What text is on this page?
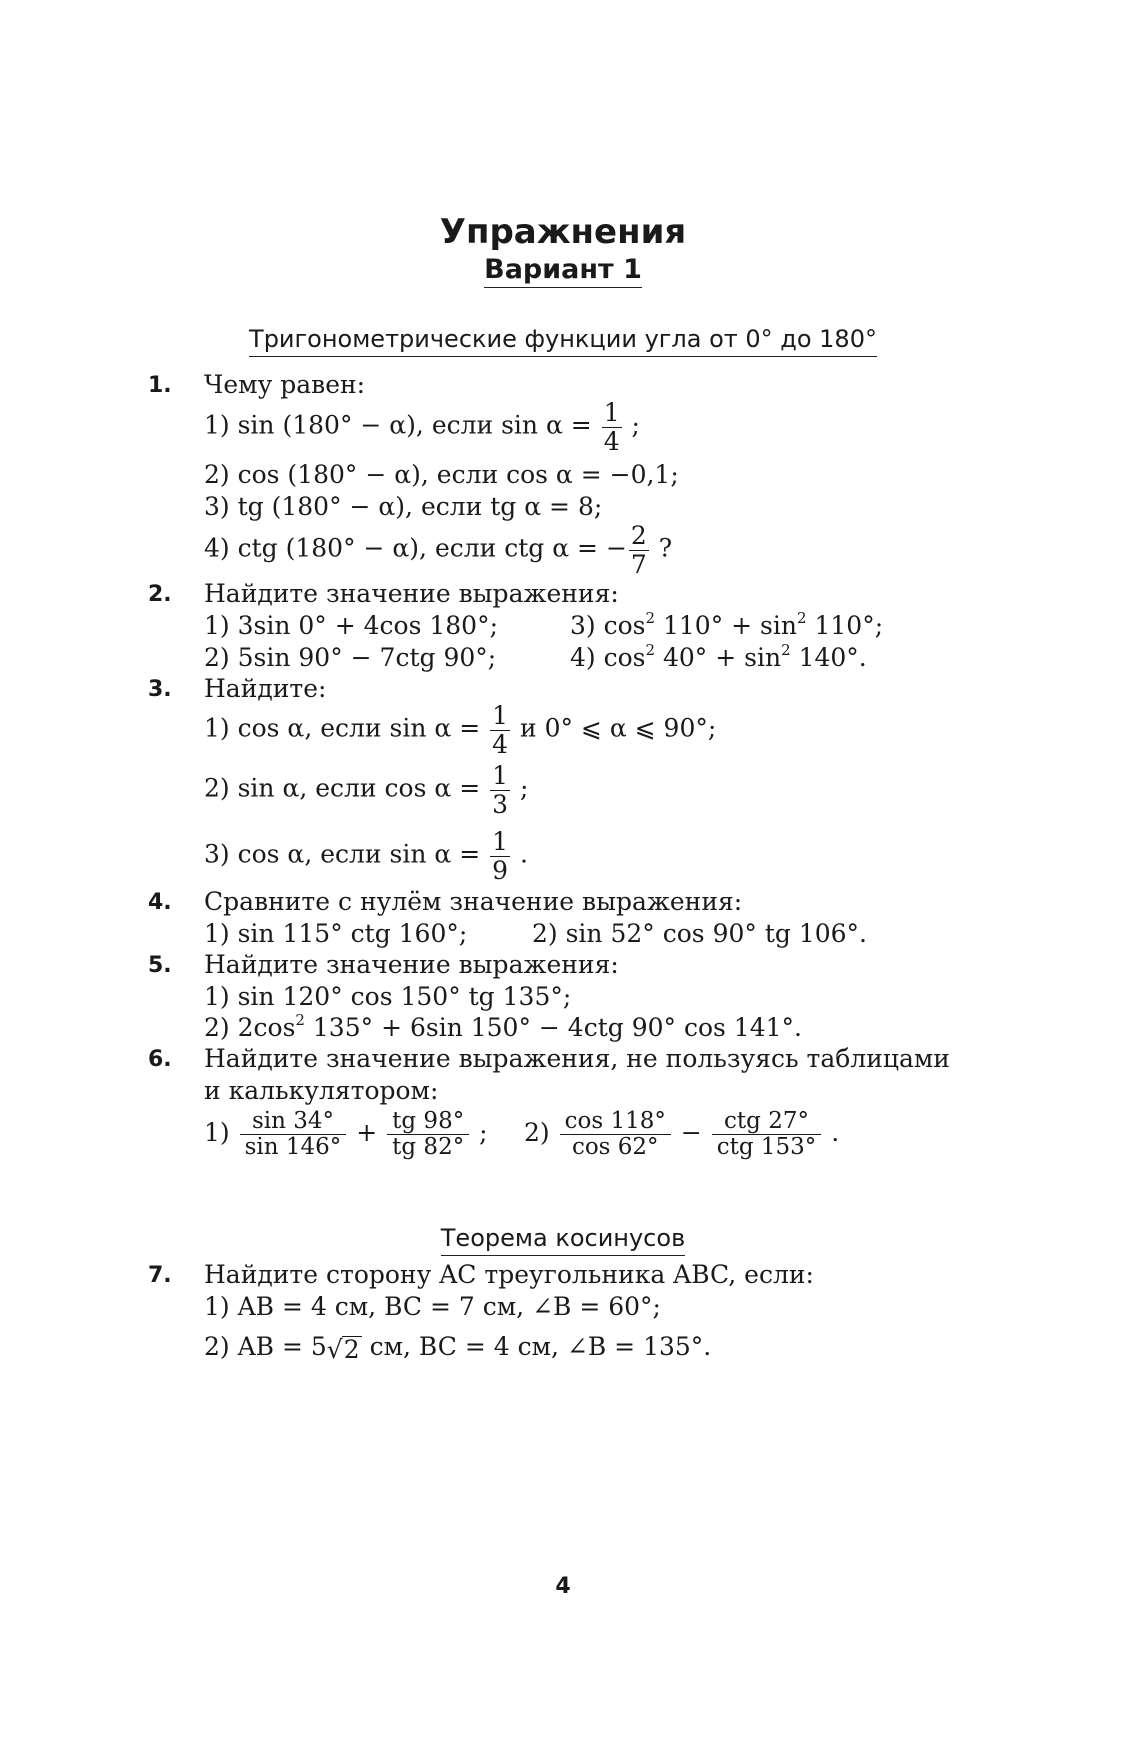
Упражнения
Вариант 1
Тригонометрические функции угла от 0° до 180°
1. Чему равен:
1) sin (180° − α), если $\sin \alpha = \frac{1}{4}$ ;
2) cos (180° − α), если cos α = −0,1;
3) tg (180° − α), если tg α = 8;
4) ctg (180° − α), если ctg α = − $\frac{2}{7}$ ?
2. Найдите значение выражения:
1) 3sin 0° + 4cos 180°;	3) $\cos^2 110^\circ + \sin^2 110^\circ$;
2) 5sin 90° − 7ctg 90°;	4) $\cos^2 40^\circ + \sin^2 140^\circ$.
3. Найдите:
1) cos α, если $\sin \alpha = \frac{1}{4}$ и 0° ⩽ α ⩽ 90°;
2) sin α, если $\cos \alpha = \frac{1}{3}$ ;
3) cos α, если $\sin \alpha = \frac{1}{9}$ .
4. Сравните с нулём значение выражения:
1) sin 115° ctg 160°;	2) sin 52° cos 90° tg 106°.
5. Найдите значение выражения:
1) sin 120° cos 150° tg 135°;
2) $2\cos^2$ 135° + 6sin 150° − 4ctg 90° cos 141°.
6. Найдите значение выражения, не пользуясь таблицами
и калькулятором:
$1) \frac{\sin 34^\circ}{\sin 146^\circ} + \frac{tg 98^\circ}{tg 82^\circ}$ ; $2) \frac{\cos 118^\circ}{\cos 62^\circ} - \frac{\text{ctg 27°}}{\text{ctg 153°}}$ .
Теорема косинусов
7. Найдите сторону AC треугольника ABC, если:
1) AB = 4 см, BC = 7 см, ∠B = 60°;
2) AB = 5√2 см, BC = 4 см, ∠B = 135°.
4
